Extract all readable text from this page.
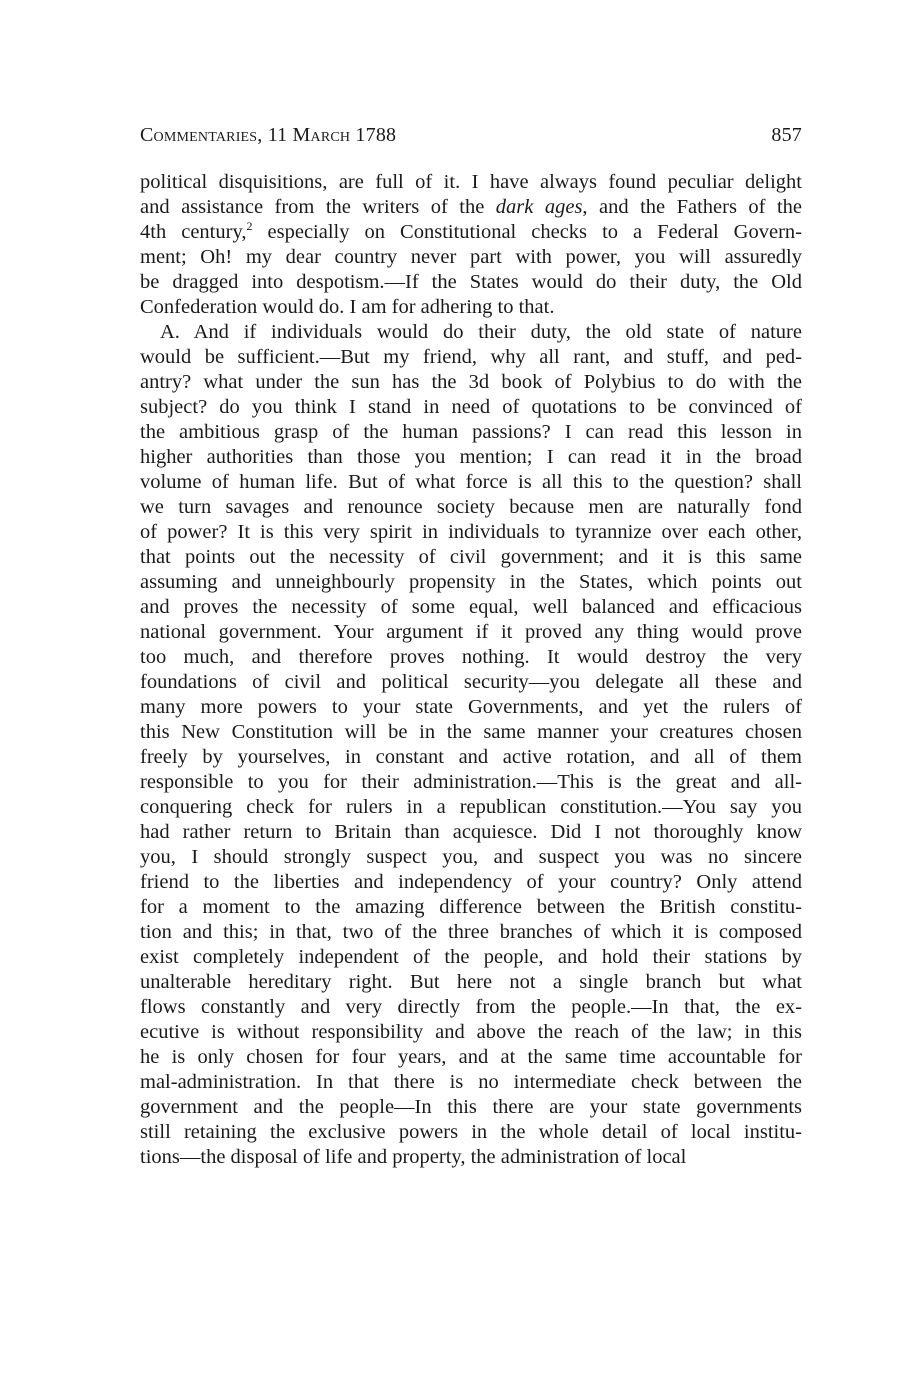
Commentaries, 11 March 1788	857
political disquisitions, are full of it. I have always found peculiar delight
and assistance from the writers of the dark ages, and the Fathers of the
4th century,$^2$ especially on Constitutional checks to a Federal Govern-
ment; Oh! my dear country never part with power, you will assuredly
be dragged into despotism.—If the States would do their duty, the Old
Confederation would do. I am for adhering to that.
A. And if individuals would do their duty, the old state of nature
would be sufficient.—But my friend, why all rant, and stuff, and ped-
antry? what under the sun has the 3d book of Polybius to do with the
subject? do you think I stand in need of quotations to be convinced of
the ambitious grasp of the human passions? I can read this lesson in
higher authorities than those you mention; I can read it in the broad
volume of human life. But of what force is all this to the question? shall
we turn savages and renounce society because men are naturally fond
of power? It is this very spirit in individuals to tyrannize over each other,
that points out the necessity of civil government; and it is this same
assuming and unneighbourly propensity in the States, which points out
and proves the necessity of some equal, well balanced and efficacious
national government. Your argument if it proved any thing would prove
too much, and therefore proves nothing. It would destroy the very
foundations of civil and political security—you delegate all these and
many more powers to your state Governments, and yet the rulers of
this New Constitution will be in the same manner your creatures chosen
freely by yourselves, in constant and active rotation, and all of them
responsible to you for their administration.—This is the great and all-
conquering check for rulers in a republican constitution.—You say you
had rather return to Britain than acquiesce. Did I not thoroughly know
you, I should strongly suspect you, and suspect you was no sincere
friend to the liberties and independency of your country? Only attend
for a moment to the amazing difference between the British constitu-
tion and this; in that, two of the three branches of which it is composed
exist completely independent of the people, and hold their stations by
unalterable hereditary right. But here not a single branch but what
flows constantly and very directly from the people.—In that, the ex-
ecutive is without responsibility and above the reach of the law; in this
he is only chosen for four years, and at the same time accountable for
mal-administration. In that there is no intermediate check between the
government and the people—In this there are your state governments
still retaining the exclusive powers in the whole detail of local institu-
tions—the disposal of life and property, the administration of local
